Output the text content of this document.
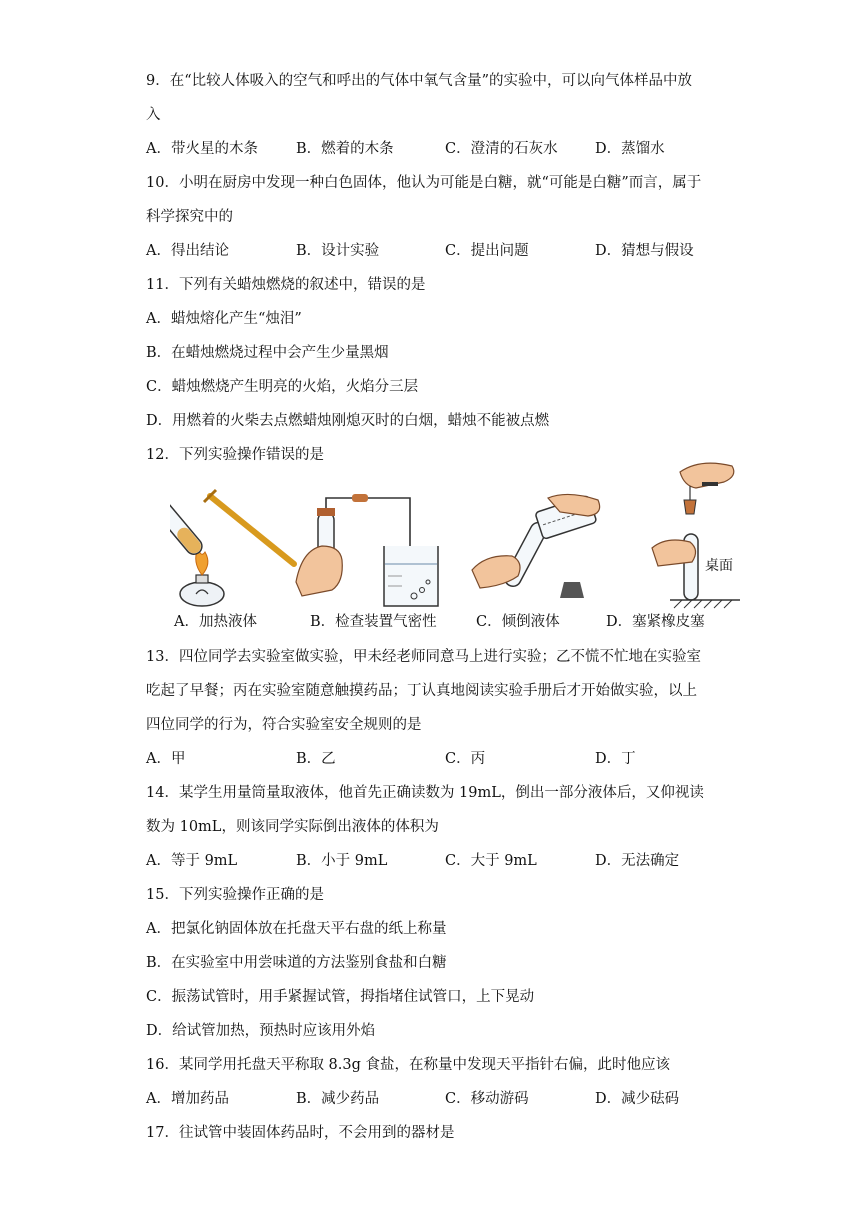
9．在“比较人体吸入的空气和呼出的气体中氧气含量”的实验中，可以向气体样品中放
入
A．带火星的木条	B．燃着的木条	C．澄清的石灰水	D．蒸馏水
10．小明在厨房中发现一种白色固体，他认为可能是白糖，就“可能是白糖”而言，属于
科学探究中的
A．得出结论	B．设计实验	C．提出问题	D．猜想与假设
11．下列有关蜡烛燃烧的叙述中，错误的是
A．蜡烛熔化产生“烛泪”
B．在蜡烛燃烧过程中会产生少量黑烟
C．蜡烛燃烧产生明亮的火焰，火焰分三层
D．用燃着的火柴去点燃蜡烛刚熄灭时的白烟，蜡烛不能被点燃
12．下列实验操作错误的是
桌面
A．加热液体	B．检查装置气密性	C．倾倒液体	D．塞紧橡皮塞
13．四位同学去实验室做实验，甲未经老师同意马上进行实验；乙不慌不忙地在实验室
吃起了早餐；丙在实验室随意触摸药品；丁认真地阅读实验手册后才开始做实验，以上
四位同学的行为，符合实验室安全规则的是
A．甲	B．乙	C．丙	D．丁
14．某学生用量筒量取液体，他首先正确读数为 19mL，倒出一部分液体后，又仰视读
数为 10mL，则该同学实际倒出液体的体积为
A．等于 9mL	B．小于 9mL	C．大于 9mL	D．无法确定
15．下列实验操作正确的是
A．把氯化钠固体放在托盘天平右盘的纸上称量
B．在实验室中用尝味道的方法鉴别食盐和白糖
C．振荡试管时，用手紧握试管，拇指堵住试管口，上下晃动
D．给试管加热，预热时应该用外焰
16．某同学用托盘天平称取 8.3g 食盐，在称量中发现天平指针右偏，此时他应该
A．增加药品	B．减少药品	C．移动游码	D．减少砝码
17．往试管中装固体药品时，不会用到的器材是
